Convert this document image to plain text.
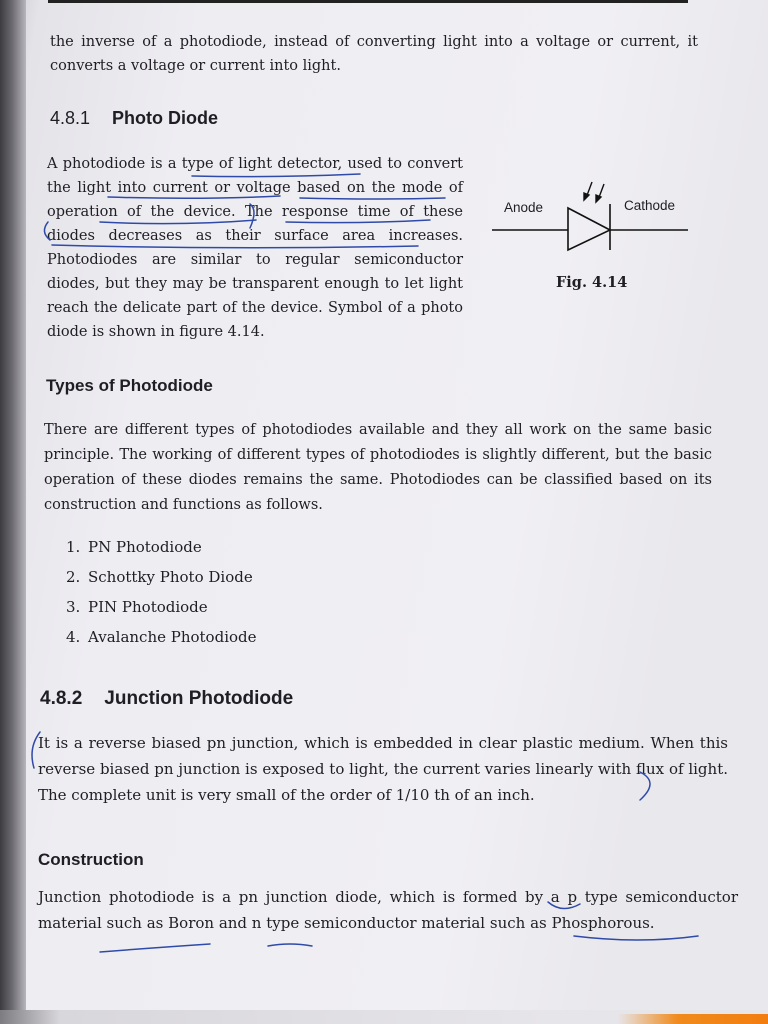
the inverse of a photodiode, instead of converting light into a voltage or current, it converts a voltage or current into light.
4.8.1 Photo Diode
A photodiode is a type of light detector, used to convert the light into current or voltage based on the mode of operation of the device. The response time of these diodes decreases as their surface area increases. Photodiodes are similar to regular semiconductor diodes, but they may be transparent enough to let light reach the delicate part of the device. Symbol of a photo diode is shown in figure 4.14.
Anode	Cathode
Fig. 4.14
Types of Photodiode
There are different types of photodiodes available and they all work on the same basic principle. The working of different types of photodiodes is slightly different, but the basic operation of these diodes remains the same. Photodiodes can be classified based on its construction and functions as follows.
1. PN Photodiode
2. Schottky Photo Diode
3. PIN Photodiode
4. Avalanche Photodiode
4.8.2 Junction Photodiode
It is a reverse biased pn junction, which is embedded in clear plastic medium. When this reverse biased pn junction is exposed to light, the current varies linearly with flux of light. The complete unit is very small of the order of 1/10 th of an inch.
Construction
Junction photodiode is a pn junction diode, which is formed by a p type semiconductor material such as Boron and n type semiconductor material such as Phosphorous.
